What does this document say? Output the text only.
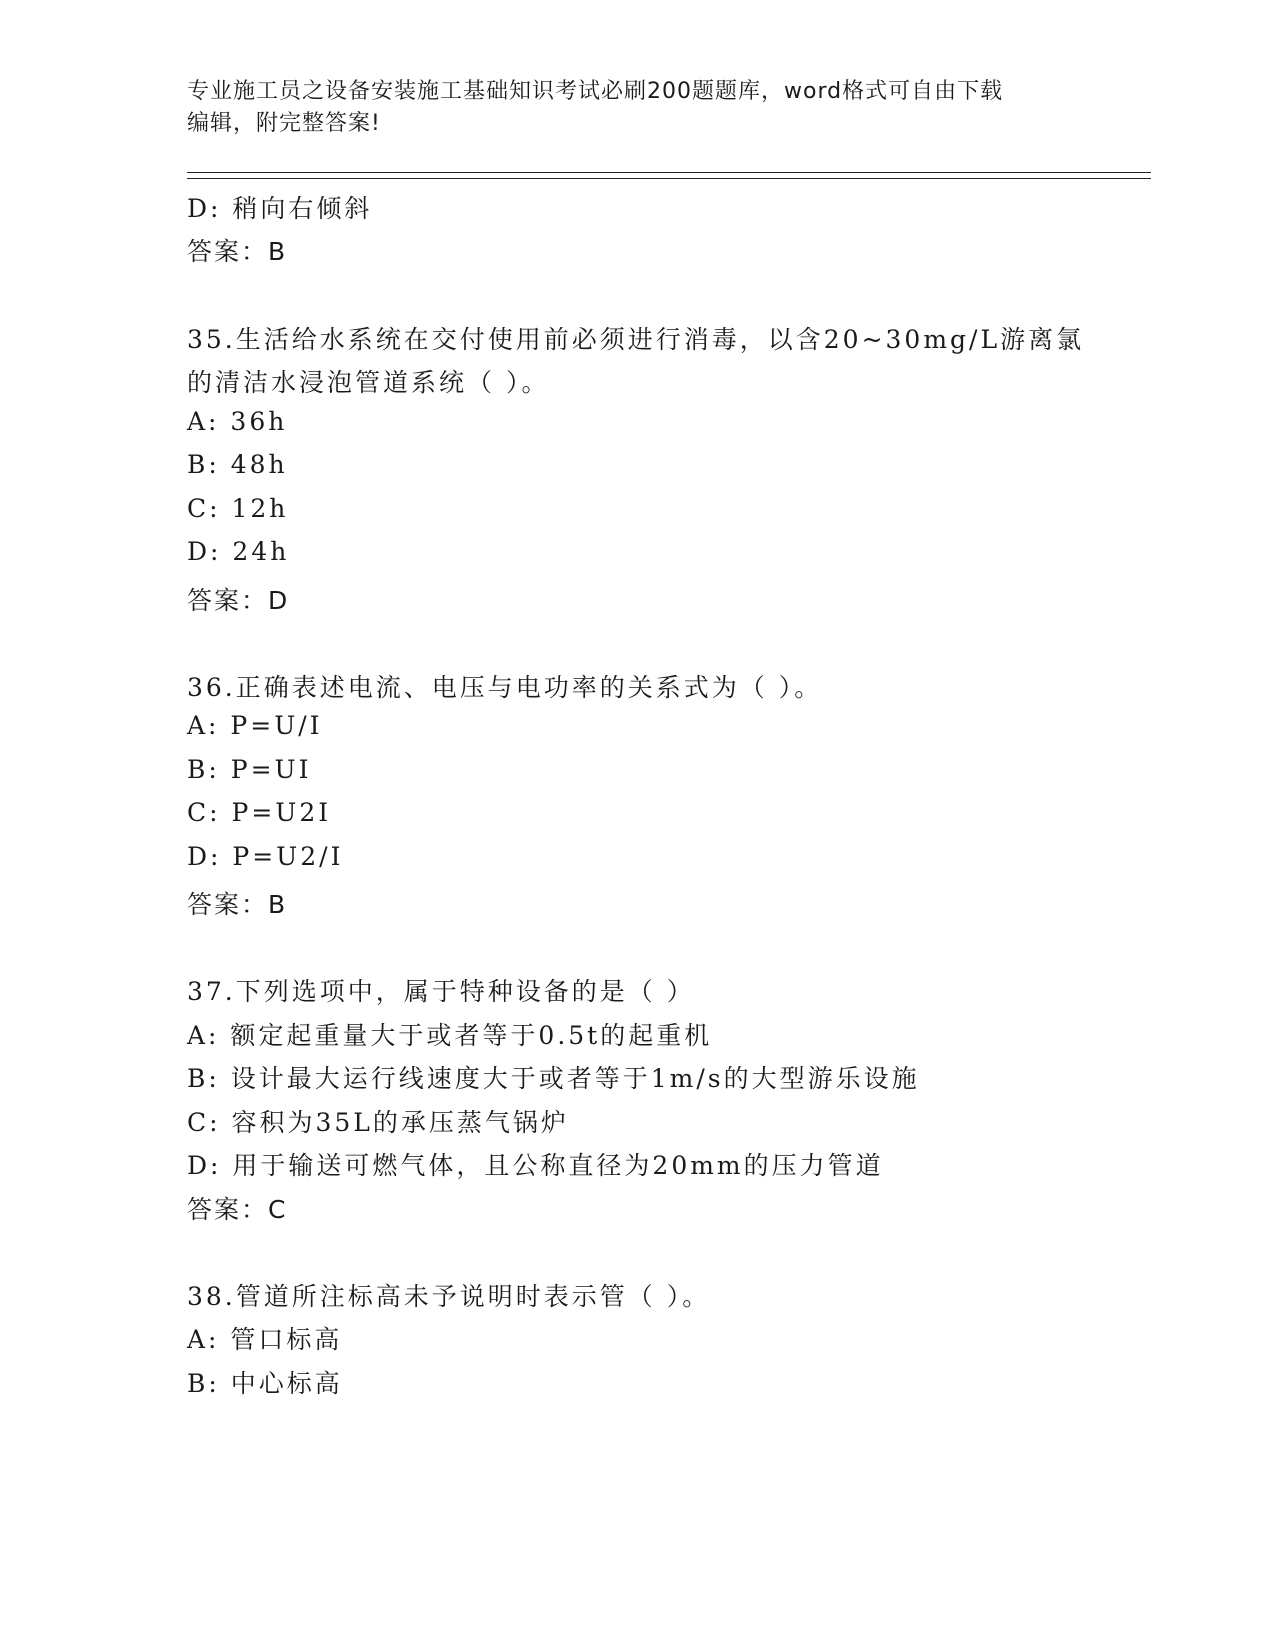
专业施工员之设备安装施工基础知识考试必刷200题题库，word格式可自由下载
编辑，附完整答案!
D: 稍向右倾斜
答案：B
35.生活给水系统在交付使用前必须进行消毒，以含20~30mg/L游离氯
的清洁水浸泡管道系统（ ）。
A: 36h
B: 48h
C: 12h
D: 24h
答案：D
36.正确表述电流、电压与电功率的关系式为（ ）。
A: P=U/I
B: P=UI
C: P=U2I
D: P=U2/I
答案：B
37.下列选项中，属于特种设备的是（ ）
A: 额定起重量大于或者等于0.5t的起重机
B: 设计最大运行线速度大于或者等于1m/s的大型游乐设施
C: 容积为35L的承压蒸气锅炉
D: 用于输送可燃气体，且公称直径为20mm的压力管道
答案：C
38.管道所注标高未予说明时表示管（ ）。
A: 管口标高
B: 中心标高
